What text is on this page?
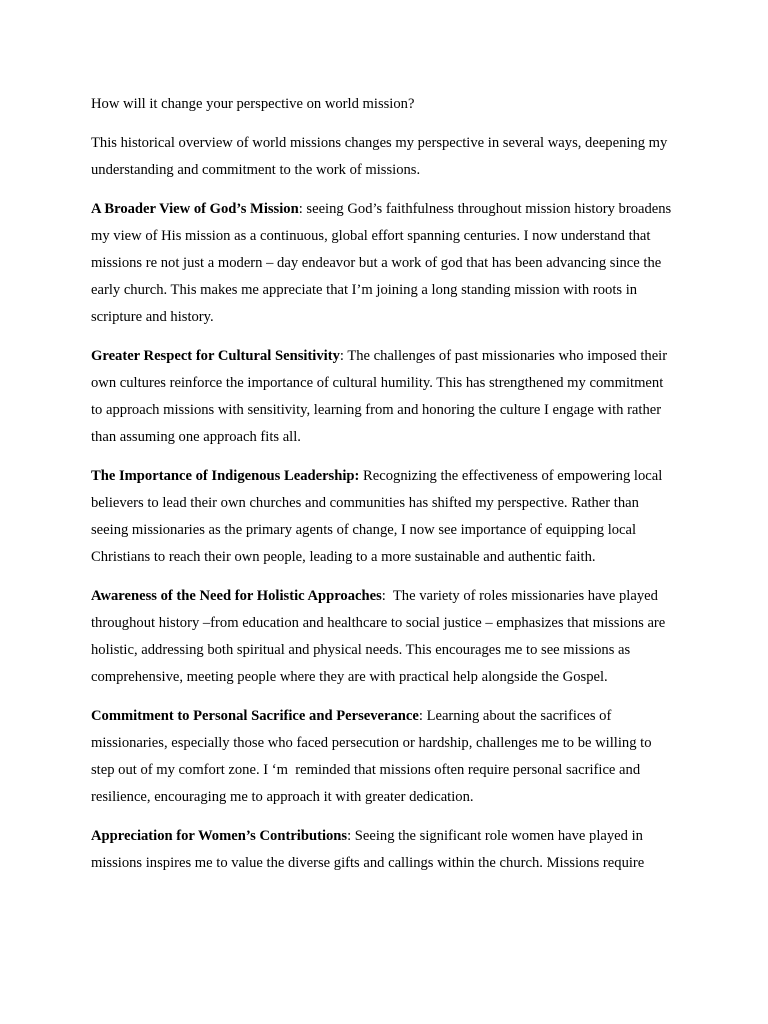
How will it change your perspective on world mission?

This historical overview of world missions changes my perspective in several ways, deepening my understanding and commitment to the work of missions.

A Broader View of God’s Mission: seeing God’s faithfulness throughout mission history broadens my view of His mission as a continuous, global effort spanning centuries. I now understand that missions re not just a modern – day endeavor but a work of god that has been advancing since the   early church. This makes me appreciate that I’m joining a long standing mission with roots in scripture and history.

Greater Respect for Cultural Sensitivity: The challenges of past missionaries who imposed their own cultures reinforce the importance of cultural humility. This has strengthened my commitment to approach missions with sensitivity, learning from and honoring the culture I engage with rather than assuming one approach fits all.

The Importance of Indigenous Leadership: Recognizing the effectiveness of empowering local believers to lead their own churches and communities has shifted my perspective. Rather than seeing missionaries as the primary agents of change, I now see importance of equipping local Christians to reach their own people, leading to a more sustainable and authentic faith.

Awareness of the Need for Holistic Approaches:  The variety of roles missionaries have played throughout history –from education and healthcare to social justice – emphasizes that missions are holistic, addressing both spiritual and physical needs. This encourages me to see missions as comprehensive, meeting people where they are with practical help alongside the Gospel.

Commitment to Personal Sacrifice and Perseverance: Learning about the sacrifices of missionaries, especially those who faced persecution or hardship, challenges me to be willing to step out of my comfort zone. I ‘m  reminded that missions often require personal sacrifice and resilience, encouraging me to approach it with greater dedication.

Appreciation for Women’s Contributions: Seeing the significant role women have played in missions inspires me to value the diverse gifts and callings within the church. Missions require
